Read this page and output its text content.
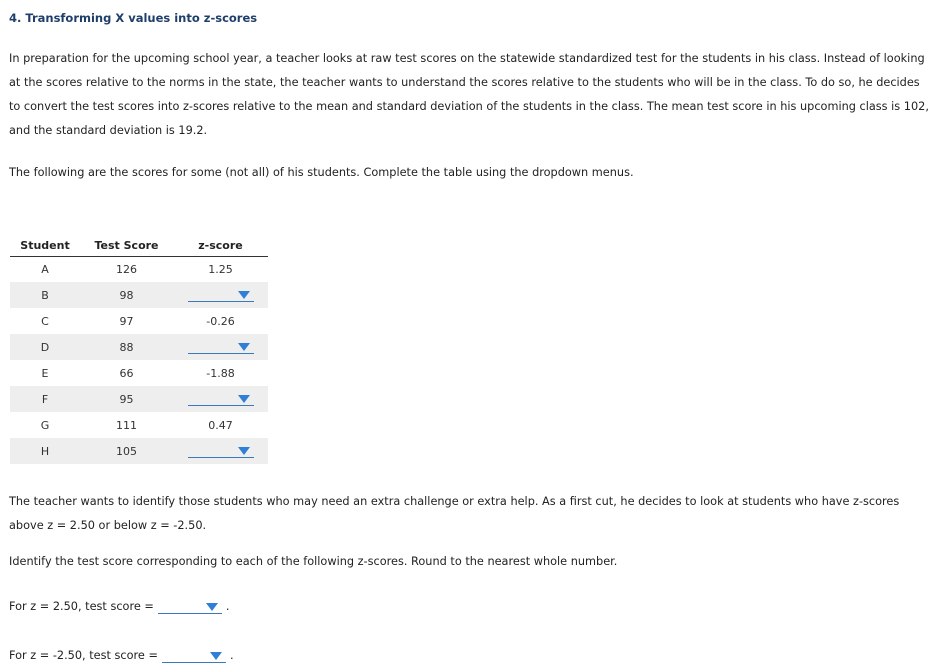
4. Transforming X values into z-scores
In preparation for the upcoming school year, a teacher looks at raw test scores on the statewide standardized test for the students in his class. Instead of looking at the scores relative to the norms in the state, the teacher wants to understand the scores relative to the students who will be in the class. To do so, he decides to convert the test scores into z-scores relative to the mean and standard deviation of the students in the class. The mean test score in his upcoming class is 102, and the standard deviation is 19.2.
The following are the scores for some (not all) of his students. Complete the table using the dropdown menus.
Student	Test Score	z-score
A	126	1.25
B	98	

C	97	-0.26
D	88	

E	66	-1.88
F	95	

G	111	0.47
H	105	
The teacher wants to identify those students who may need an extra challenge or extra help. As a first cut, he decides to look at students who have z-scores above z = 2.50 or below z = -2.50.
Identify the test score corresponding to each of the following z-scores. Round to the nearest whole number.
For z = 2.50, test score =	.
For z = -2.50, test score =	.
